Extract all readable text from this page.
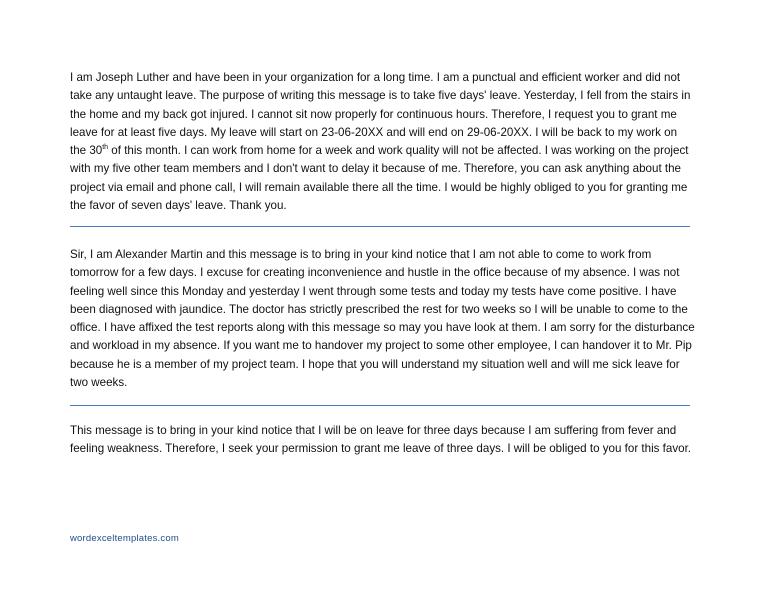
I am Joseph Luther and have been in your organization for a long time. I am a punctual and efficient worker and did not take any untaught leave. The purpose of writing this message is to take five days' leave. Yesterday, I fell from the stairs in the home and my back got injured. I cannot sit now properly for continuous hours. Therefore, I request you to grant me leave for at least five days. My leave will start on 23-06-20XX and will end on 29-06-20XX. I will be back to my work on the 30th of this month. I can work from home for a week and work quality will not be affected. I was working on the project with my five other team members and I don't want to delay it because of me. Therefore, you can ask anything about the project via email and phone call, I will remain available there all the time. I would be highly obliged to you for granting me the favor of seven days' leave. Thank you.

Sir, I am Alexander Martin and this message is to bring in your kind notice that I am not able to come to work from tomorrow for a few days. I excuse for creating inconvenience and hustle in the office because of my absence. I was not feeling well since this Monday and yesterday I went through some tests and today my tests have come positive. I have been diagnosed with jaundice. The doctor has strictly prescribed the rest for two weeks so I will be unable to come to the office. I have affixed the test reports along with this message so may you have look at them. I am sorry for the disturbance and workload in my absence. If you want me to handover my project to some other employee, I can handover it to Mr. Pip because he is a member of my project team. I hope that you will understand my situation well and will me sick leave for two weeks.

This message is to bring in your kind notice that I will be on leave for three days because I am suffering from fever and feeling weakness. Therefore, I seek your permission to grant me leave of three days. I will be obliged to you for this favor.

wordexceltemplates.com
